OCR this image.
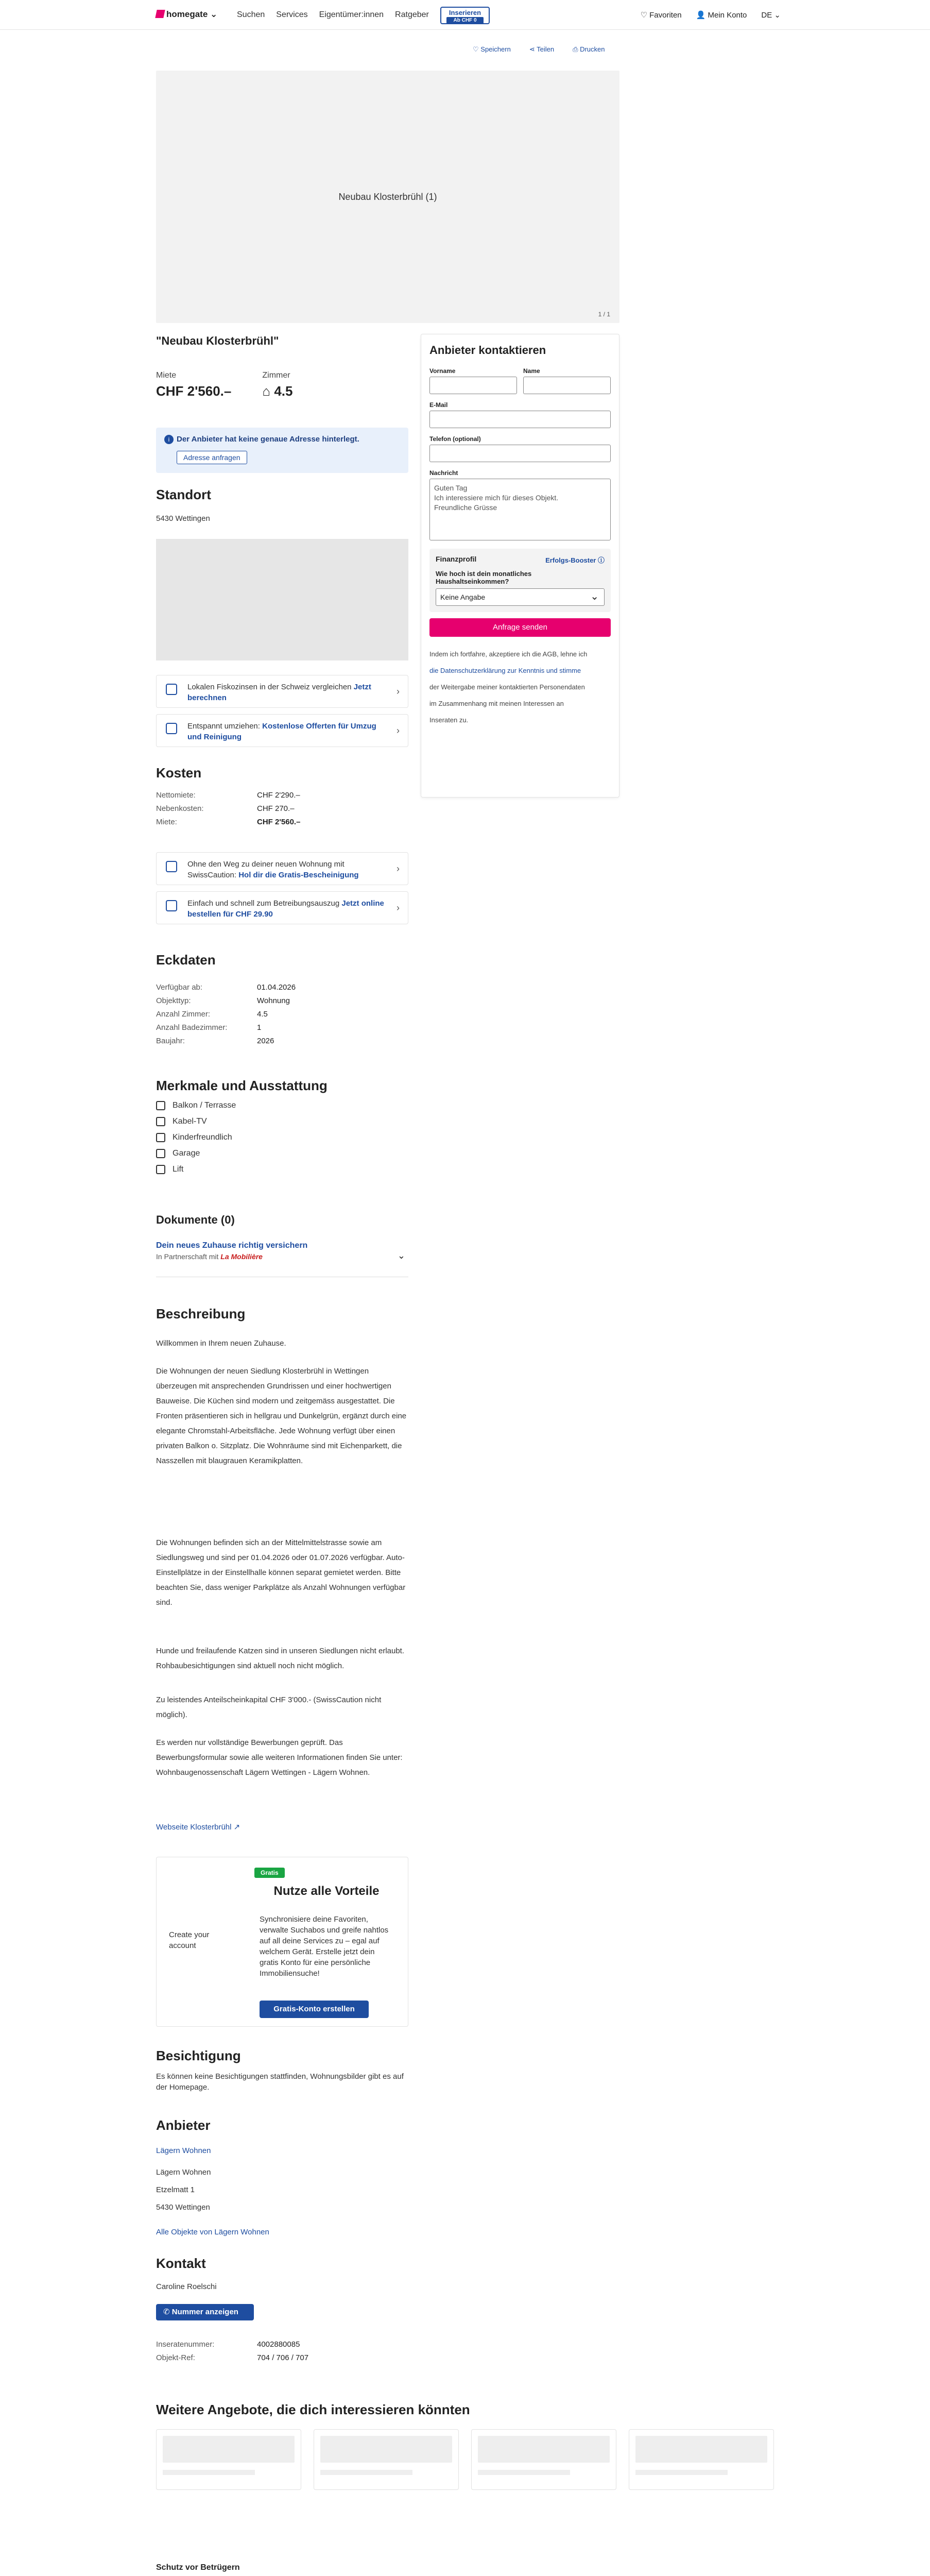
homegate ⌄ Suchen Services Eigentümer:innen Ratgeber	Inserieren
Ab CHF 0
♡ Favoriten 👤 Mein Konto DE ⌄
♡ Speichern	⋖ Teilen	⎙ Drucken
Neubau Klosterbrühl (1)
1 / 1
"Neubau Klosterbrühl"
Miete
CHF 2'560.–
Zimmer
⌂ 4.5
i Der Anbieter hat keine genaue Adresse hinterlegt.
Adresse anfragen
Standort
5430 Wettingen
Lokalen Fiskozinsen in der Schweiz vergleichen Jetzt berechnen
›
Entspannt umziehen: Kostenlose Offerten für Umzug und Reinigung
›
Kosten
Nettomiete:	CHF 2'290.–
Nebenkosten:	CHF 270.–
Miete:	CHF 2'560.–
Ohne den Weg zu deiner neuen Wohnung mit SwissCaution: Hol dir die Gratis-Bescheinigung
›
Einfach und schnell zum Betreibungsauszug Jetzt online bestellen für CHF 29.90
›
Eckdaten
Verfügbar ab:	01.04.2026
Objekttyp:	Wohnung
Anzahl Zimmer:	4.5
Anzahl Badezimmer:	1
Baujahr:	2026
Merkmale und Ausstattung
Balkon / Terrasse
Kabel-TV
Kinderfreundlich
Garage
Lift
Dokumente (0)
Dein neues Zuhause richtig versichern
In Partnerschaft mit La Mobilière	⌄
Beschreibung
Willkommen in Ihrem neuen Zuhause.
Die Wohnungen der neuen Siedlung Klosterbrühl in Wettingen überzeugen mit ansprechenden Grundrissen und einer hochwertigen Bauweise. Die Küchen sind modern und zeitgemäss ausgestattet. Die Fronten präsentieren sich in hellgrau und Dunkelgrün, ergänzt durch eine elegante Chromstahl-Arbeitsfläche. Jede Wohnung verfügt über einen privaten Balkon o. Sitzplatz. Die Wohnräume sind mit Eichenparkett, die Nasszellen mit blaugrauen Keramikplatten.
Die Wohnungen befinden sich an der Mittelmittelstrasse sowie am Siedlungsweg und sind per 01.04.2026 oder 01.07.2026 verfügbar. Auto-Einstellplätze in der Einstellhalle können separat gemietet werden. Bitte beachten Sie, dass weniger Parkplätze als Anzahl Wohnungen verfügbar sind.
Hunde und freilaufende Katzen sind in unseren Siedlungen nicht erlaubt. Rohbaubesichtigungen sind aktuell noch nicht möglich.
Zu leistendes Anteilscheinkapital CHF 3'000.- (SwissCaution nicht möglich).
Es werden nur vollständige Bewerbungen geprüft. Das Bewerbungsformular sowie alle weiteren Informationen finden Sie unter: Wohnbaugenossenschaft Lägern Wettingen - Lägern Wohnen.
Webseite Klosterbrühl ↗
Create your account
Gratis
Nutze alle Vorteile
Synchronisiere deine Favoriten, verwalte Suchabos und greife nahtlos auf all deine Services zu – egal auf welchem Gerät. Erstelle jetzt dein gratis Konto für eine persönliche Immobiliensuche!
Gratis-Konto erstellen
Besichtigung
Es können keine Besichtigungen stattfinden, Wohnungsbilder gibt es auf der Homepage.
Anbieter
Lägern Wohnen
Lägern Wohnen
Etzelmatt 1
5430 Wettingen
Alle Objekte von Lägern Wohnen
Kontakt
Caroline Roelschi
✆ Nummer anzeigen
Inseratenummer:	4002880085
Objekt-Ref:	704 / 706 / 707
Anbieter kontaktieren
Vorname	Name
E-Mail
Telefon (optional)
Nachricht
Guten Tag
Ich interessiere mich für dieses Objekt.
Freundliche Grüsse
Finanzprofil	Erfolgs-Booster ⓘ
Wie hoch ist dein monatliches Haushaltseinkommen?
Keine Angabe ⌄
Anfrage senden
Indem ich fortfahre, akzeptiere ich die AGB, lehne ich
die Datenschutzerklärung zur Kenntnis und stimme
der Weitergabe meiner kontaktierten Personendaten
im Zusammenhang mit meinen Interessen an
Inseraten zu.
Weitere Angebote, die dich interessieren könnten
Schutz vor Betrügern
